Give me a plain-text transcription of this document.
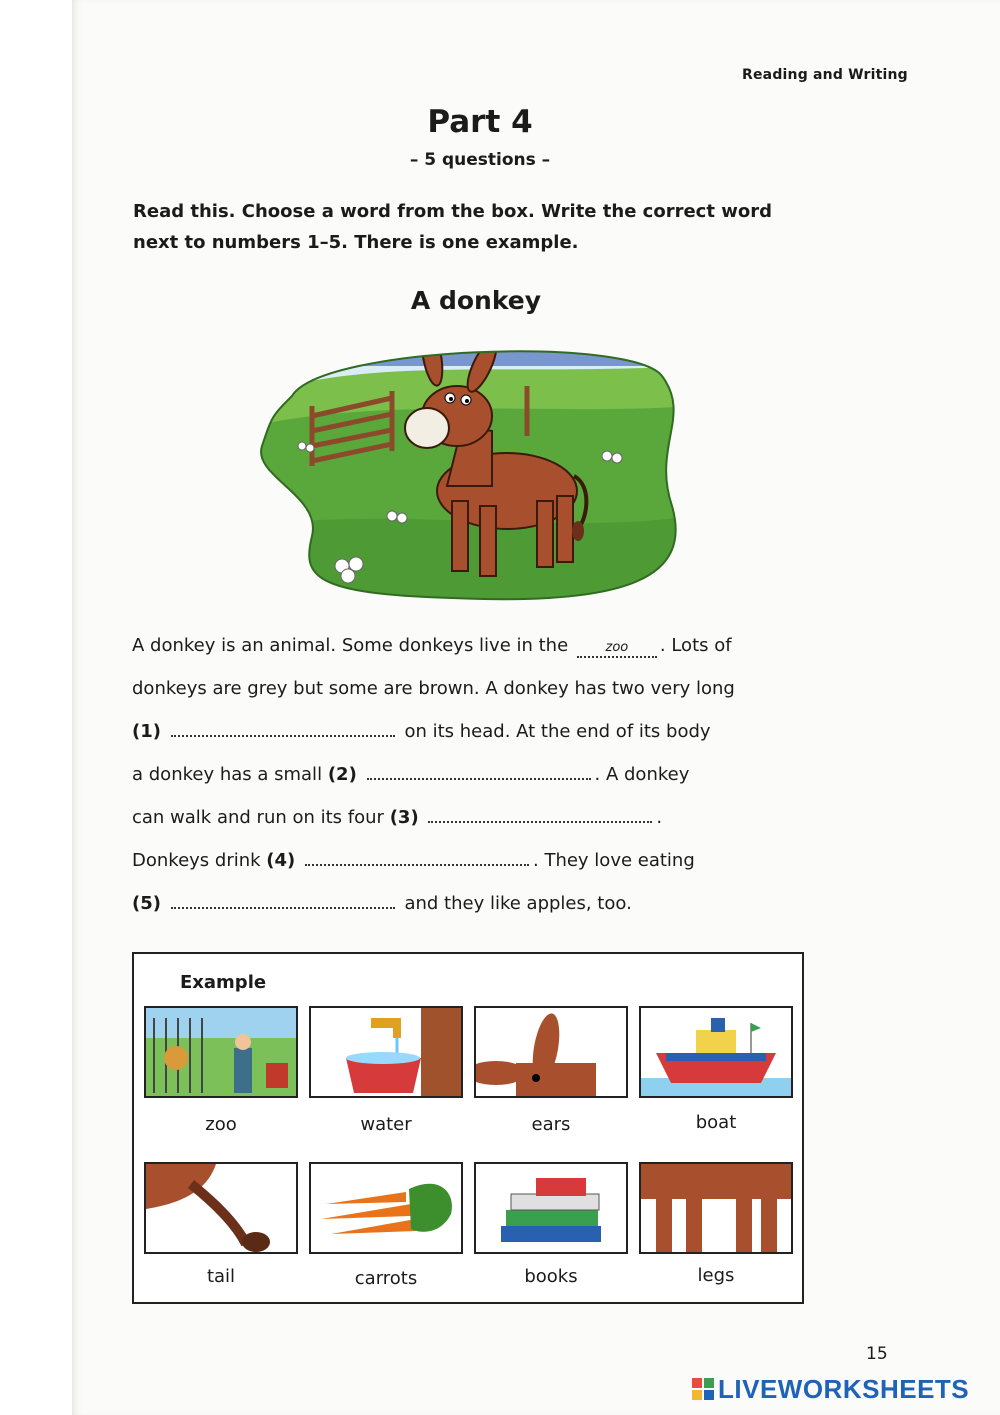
Reading and Writing
Part 4
– 5 questions –
Read this. Choose a word from the box. Write the correct word next to numbers 1–5. There is one example.
A donkey
A donkey is an animal. Some donkeys live in the	zoo . Lots of
donkeys are grey but some are brown. A donkey has two very long
(1)	on its head. At the end of its body
a donkey has a small (2)	. A donkey
can walk and run on its four (3)	.
Donkeys drink (4)	. They love eating
(5)	and they like apples, too.
Example
zoo	water	ears	boat
tail	carrots	books	legs
15
LIVEWORKSHEETS
